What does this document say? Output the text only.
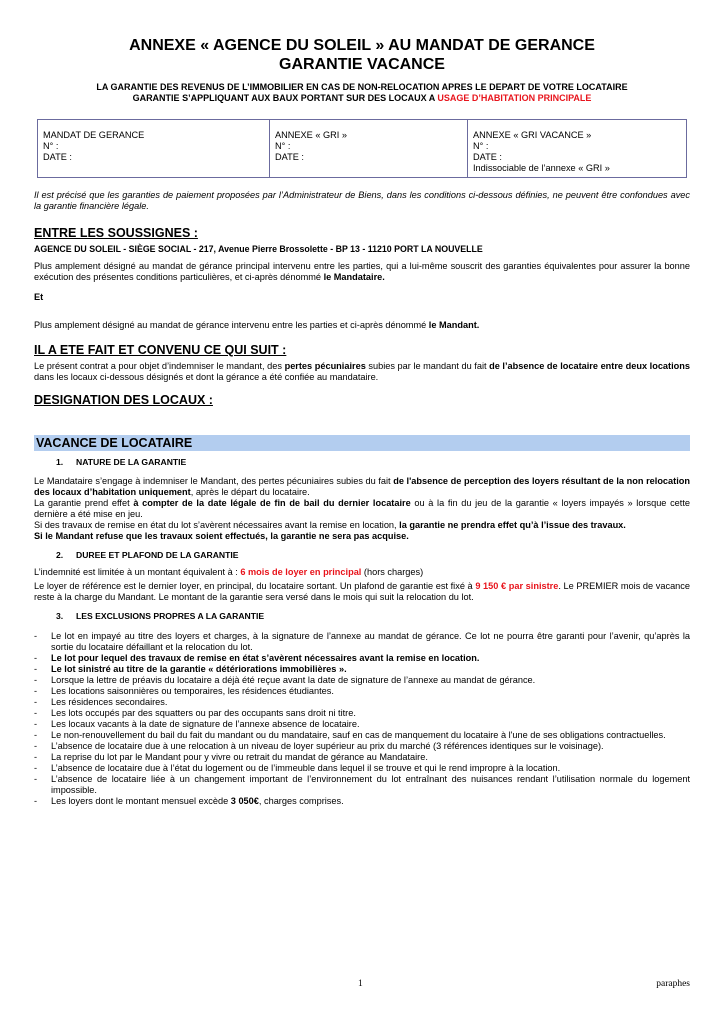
ANNEXE « AGENCE DU SOLEIL » AU MANDAT DE GERANCE
GARANTIE VACANCE
LA GARANTIE DES REVENUS DE L’IMMOBILIER EN CAS DE NON-RELOCATION APRES LE DEPART DE VOTRE LOCATAIRE
GARANTIE S’APPLIQUANT AUX BAUX PORTANT SUR DES LOCAUX A USAGE D’HABITATION PRINCIPALE
MANDAT DE GERANCE
N° :
DATE :

ANNEXE « GRI »
N° :
DATE :

ANNEXE « GRI VACANCE »
N° :
DATE :
Indissociable de l’annexe « GRI »
Il est précisé que les garanties de paiement proposées par l’Administrateur de Biens, dans les conditions ci-dessous définies, ne peuvent être confondues avec la garantie financière légale.
ENTRE LES SOUSSIGNES :
AGENCE DU SOLEIL - SIÈGE SOCIAL - 217, Avenue Pierre Brossolette - BP 13 - 11210 PORT LA NOUVELLE
Plus amplement désigné au mandat de gérance principal intervenu entre les parties, qui a lui-même souscrit des garanties équivalentes pour assurer la bonne exécution des présentes conditions particulières, et ci-après dénommé le Mandataire.
Et
Plus amplement désigné au mandat de gérance intervenu entre les parties et ci-après dénommé le Mandant.
IL A ETE FAIT ET CONVENU CE QUI SUIT :
Le présent contrat a pour objet d’indemniser le mandant, des pertes pécuniaires subies par le mandant du fait de l’absence de locataire entre deux locations dans les locaux ci-dessous désignés et dont la gérance a été confiée au mandataire.
DESIGNATION DES LOCAUX :
VACANCE DE LOCATAIRE
1. NATURE DE LA GARANTIE
Le Mandataire s’engage à indemniser le Mandant, des pertes pécuniaires subies du fait de l'absence de perception des loyers résultant de la non relocation des locaux d’habitation uniquement, après le départ du locataire.
La garantie prend effet à compter de la date légale de fin de bail du dernier locataire ou à la fin du jeu de la garantie « loyers impayés » lorsque cette dernière a été mise en jeu.
Si des travaux de remise en état du lot s’avèrent nécessaires avant la remise en location, la garantie ne prendra effet qu’à l’issue des travaux.
Si le Mandant refuse que les travaux soient effectués, la garantie ne sera pas acquise.
2. DUREE ET PLAFOND DE LA GARANTIE
L’indemnité est limitée à un montant équivalent à : 6 mois de loyer en principal (hors charges)
Le loyer de référence est le dernier loyer, en principal, du locataire sortant. Un plafond de garantie est fixé à 9 150 € par sinistre. Le PREMIER mois de vacance reste à la charge du Mandant. Le montant de la garantie sera versé dans le mois qui suit la relocation du lot.
3. LES EXCLUSIONS PROPRES A LA GARANTIE
- Le lot en impayé au titre des loyers et charges, à la signature de l’annexe au mandat de gérance. Ce lot ne pourra être garanti pour l’avenir, qu’après la sortie du locataire défaillant et la relocation du lot.
- Le lot pour lequel des travaux de remise en état s’avèrent nécessaires avant la remise en location.
- Le lot sinistré au titre de la garantie « détériorations immobilières ».
- Lorsque la lettre de préavis du locataire a déjà été reçue avant la date de signature de l’annexe au mandat de gérance.
- Les locations saisonnières ou temporaires, les résidences étudiantes.
- Les résidences secondaires.
- Les lots occupés par des squatters ou par des occupants sans droit ni titre.
- Les locaux vacants à la date de signature de l’annexe absence de locataire.
- Le non-renouvellement du bail du fait du mandant ou du mandataire, sauf en cas de manquement du locataire à l'une de ses obligations contractuelles.
- L’absence de locataire due à une relocation à un niveau de loyer supérieur au prix du marché (3 références identiques sur le voisinage).
- La reprise du lot par le Mandant pour y vivre ou retrait du mandat de gérance au Mandataire.
- L’absence de locataire due à l’état du logement ou de l’immeuble dans lequel il se trouve et qui le rend impropre à la location.
- L’absence de locataire liée à un changement important de l’environnement du lot entraînant des nuisances rendant l’utilisation normale du logement impossible.
- Les loyers dont le montant mensuel excède 3 050€, charges comprises.
1	paraphes
